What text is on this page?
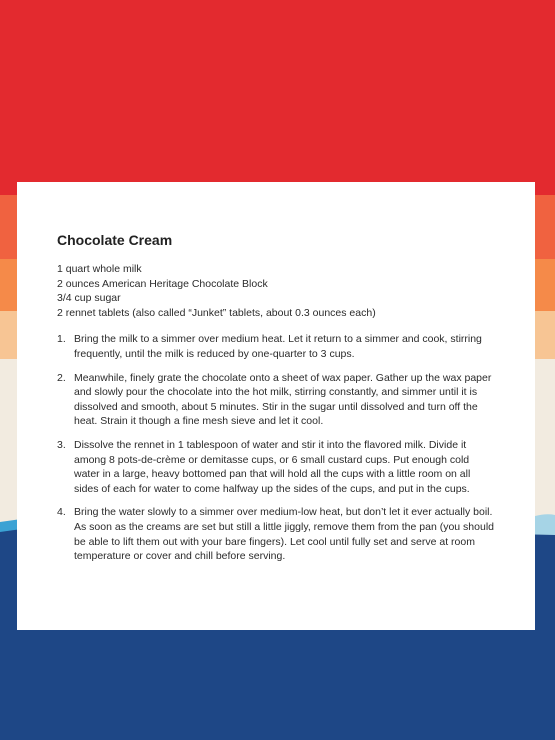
Chocolate Cream
1 quart whole milk
2 ounces American Heritage Chocolate Block
3/4 cup sugar
2 rennet tablets (also called “Junket” tablets, about 0.3 ounces each)
1. Bring the milk to a simmer over medium heat. Let it return to a simmer and cook, stirring frequently, until the milk is reduced by one-quarter to 3 cups.
2. Meanwhile, finely grate the chocolate onto a sheet of wax paper. Gather up the wax paper and slowly pour the chocolate into the hot milk, stirring constantly, and simmer until it is dissolved and smooth, about 5 minutes. Stir in the sugar until dissolved and turn off the heat. Strain it though a fine mesh sieve and let it cool.
3. Dissolve the rennet in 1 tablespoon of water and stir it into the flavored milk. Divide it among 8 pots-de-crème or demitasse cups, or 6 small custard cups. Put enough cold water in a large, heavy bottomed pan that will hold all the cups with a little room on all sides of each for water to come halfway up the sides of the cups, and put in the cups.
4. Bring the water slowly to a simmer over medium-low heat, but don’t let it ever actually boil. As soon as the creams are set but still a little jiggly, remove them from the pan (you should be able to lift them out with your bare fingers). Let cool until fully set and serve at room temperature or cover and chill before serving.
